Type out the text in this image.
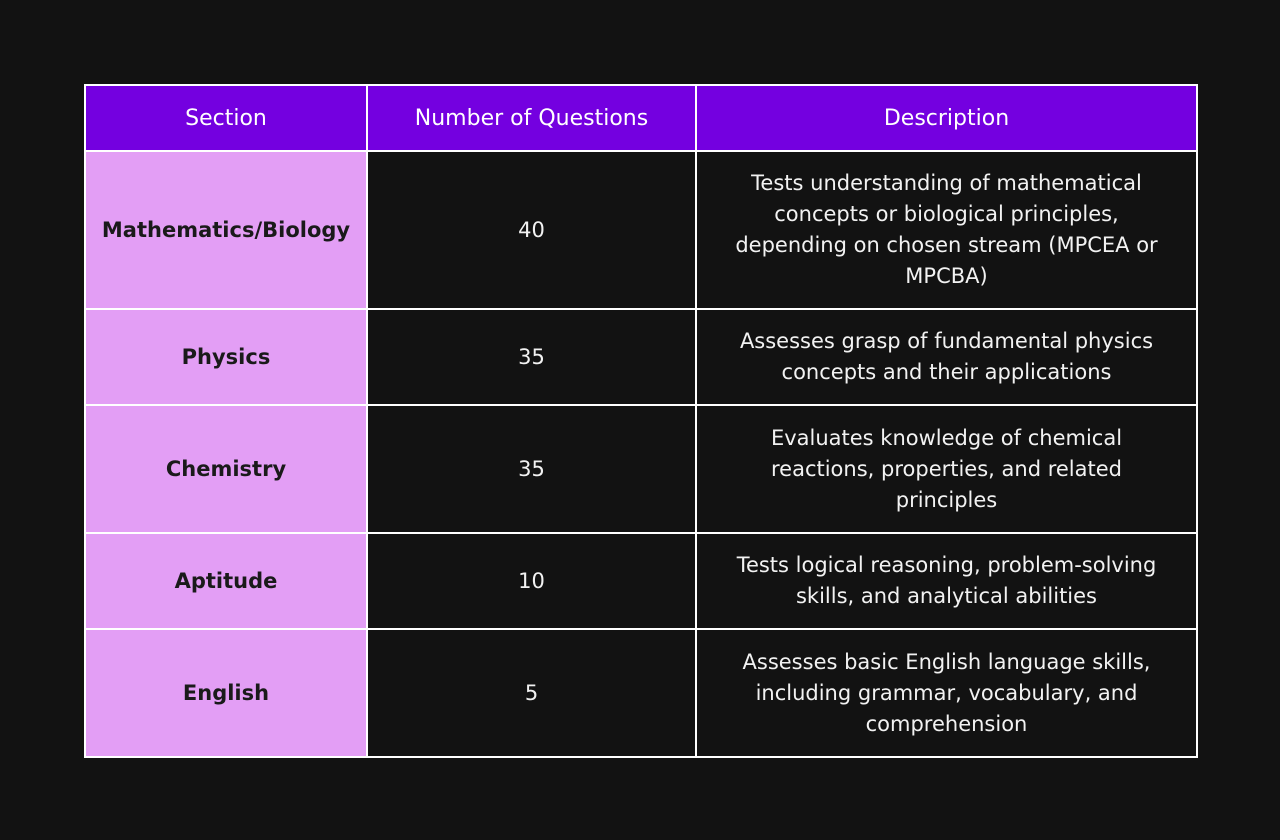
Section	Number of Questions	Description
Mathematics/Biology	40	Tests understanding of mathematical concepts or biological principles, depending on chosen stream (MPCEA or MPCBA)
Physics	35	Assesses grasp of fundamental physics concepts and their applications
Chemistry	35	Evaluates knowledge of chemical reactions, properties, and related principles
Aptitude	10	Tests logical reasoning, problem-solving skills, and analytical abilities
English	5	Assesses basic English language skills, including grammar, vocabulary, and comprehension
